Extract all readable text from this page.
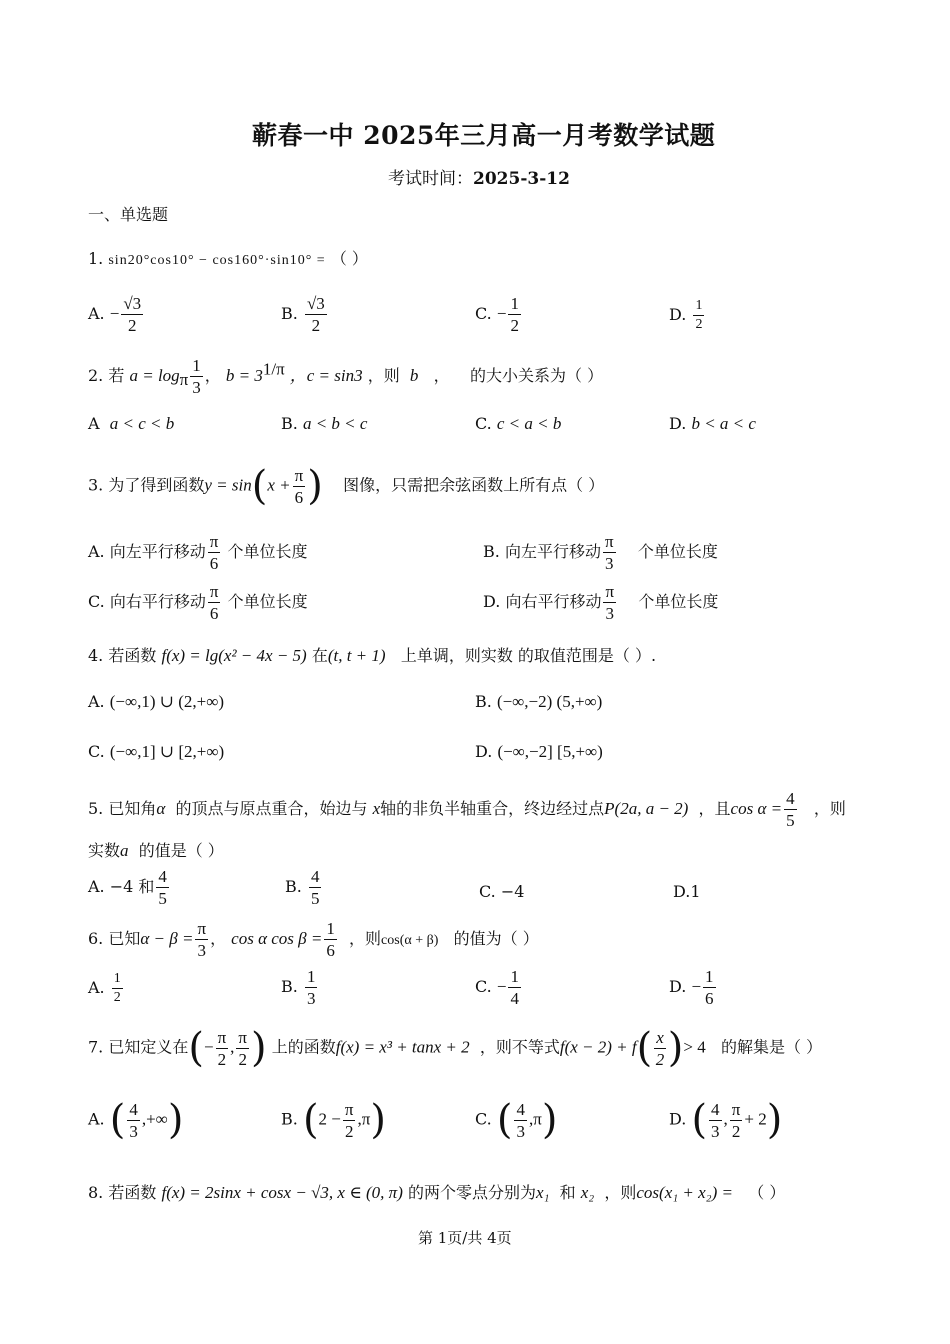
蕲春一中 2025年三月高一月考数学试题
考试时间：2025-3-12
一、单选题
1. sin20°cos10° − cos160°·sin10° = （ ）
A. − $\frac{√3}{2}$	B. $\frac{√3}{2}$	C. − $\frac{1}{2}$	D. $\frac{1}{2}$
2. 若 $a = \log_\pi \frac{1}{3}$ ， $b = 3^{1/\pi}$ ，c = sin3 ，则 b ， 的大小关系为（ ）
A a < c < b	B. a < b < c	C. c < a < b	D. b < a < c
3. 为了得到函数$y = \sin(x + \frac{\pi}{6}$ ) 图像，只需把余弦函数上所有点（ ）
A. 向左平行移动 $\frac{\pi}{6}$ 个单位长度	B. 向左平行移动 $\frac{\pi}{3}$ 个单位长度
C. 向右平行移动 $\frac{\pi}{6}$ 个单位长度	D. 向右平行移动 $\frac{\pi}{3}$ 个单位长度
4. 若函数 f(x) = lg(x² − 4x − 5) 在(t, t + 1) 上单调，则实数 的取值范围是（ ）.
A. (−∞,1) ∪ (2,+∞)	B. (−∞,−2) (5,+∞)
C. (−∞,1] ∪ [2,+∞)	D. (−∞,−2] [5,+∞)
5. 已知角α 的顶点与原点重合，始边与 x轴的非负半轴重合，终边经过点P(2a, a − 2) ，且$\cos \alpha = \frac{4}{5}$ ，则
实数a 的值是（ ）
A. −4 和 $\frac{4}{5}$	B. $\frac{4}{5}$	C. −4	D.1
6. 已知$\alpha - \beta = \frac{\pi}{3}$ ， cos α $\cos \beta = \frac{1}{6}$ ，则cos(α + β) 的值为（ ）
A. $\frac{1}{2}$	B. $\frac{1}{3}$	C. − $\frac{1}{4}$	D. − $\frac{1}{6}$
7. 已知定义在(− $\frac{\pi}{2}$ , $\frac{\pi}{2}$ ) 上的函数f(x) = x³ + tanx + 2 ，则不等式$f(x - 2) + f( \frac{x}{2}$ )> 4 的解集是（ ）
A. ( $\frac{4}{3}$ ,+∞)	B. $(2 - \frac{\pi}{2} ,\pi)$	C. ( $\frac{4}{3} ,\pi$)	D. ( $\frac{4}{3}$ , $\frac{\pi}{2} + 2$)
8. 若函数 f(x) = 2sinx + cosx − √3, x ∈ (0, π) 的两个零点分别为x₁ 和 x₂ ，则cos(x₁ + x₂) = （ ）
第 1页/共 4页
